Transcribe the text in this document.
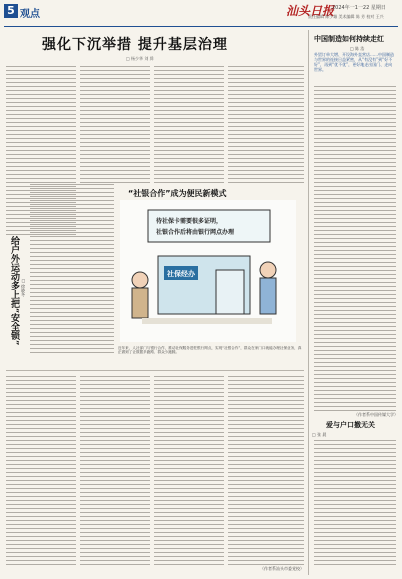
5 观点	汕头日报
2024年一1一22 星期日
责任编辑 陈少雄 美术编辑 陈 芳 校对 王兴
强化下沉举措 提升基层治理
□ 杨少华 刘 舜
中国制造如何持续走红
□ 陈 浩
外贸订单大增、开设海外直营店……中国制造与世界的连接日益紧密，从“有没有”到“好不好”，再到“优不优”，更好地走出国门、走向世界。
给户外运动多上把“安全锁” □ 徐晓冬
“社银合作”成为便民新模式
待社保卡需要很多证明，
社银合作后将由银行网点办理
社保经办
近年来，人社部门与银行合作，推动社保服务进驻银行网点，实现“社银合作”，群众在家门口就能办理社保业务，真正做到了让数据多跑路、群众少跑腿。
爱与户口撤无关
□ 张 晨
（作者系汕头市委党校）
（作者系中国传媒大学）
